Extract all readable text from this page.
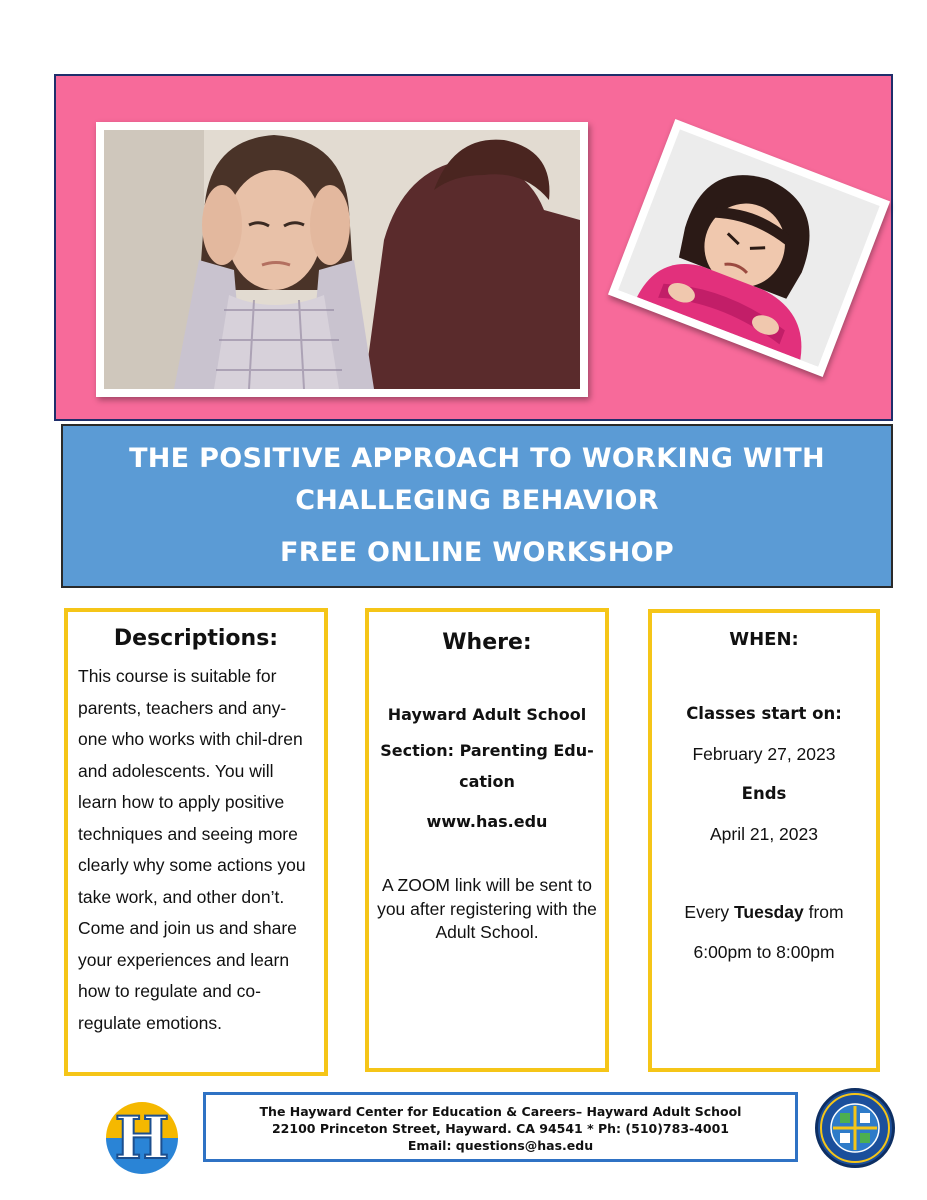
THE POSITIVE APPROACH TO WORKING WITH
CHALLEGING BEHAVIOR
FREE ONLINE WORKSHOP
Descriptions:

This course is suitable for parents, teachers and any-one who works with chil-dren and adolescents. You will learn how to apply positive techniques and seeing more clearly why some actions you take work, and other don’t. Come and join us and share your experiences and learn how to regulate and co-regulate emotions.

Where:
Hayward Adult School
Section: Parenting Edu-cation
www.has.edu
A ZOOM link will be sent to you after registering with the Adult School.
WHEN:
Classes start on:
February 27, 2023
Ends
April 21, 2023
Every Tuesday from
6:00pm to 8:00pm
H	The Hayward Center for Education & Careers– Hayward Adult School
22100 Princeton Street, Hayward. CA 94541 * Ph: (510)783-4001
Email: questions@has.edu
